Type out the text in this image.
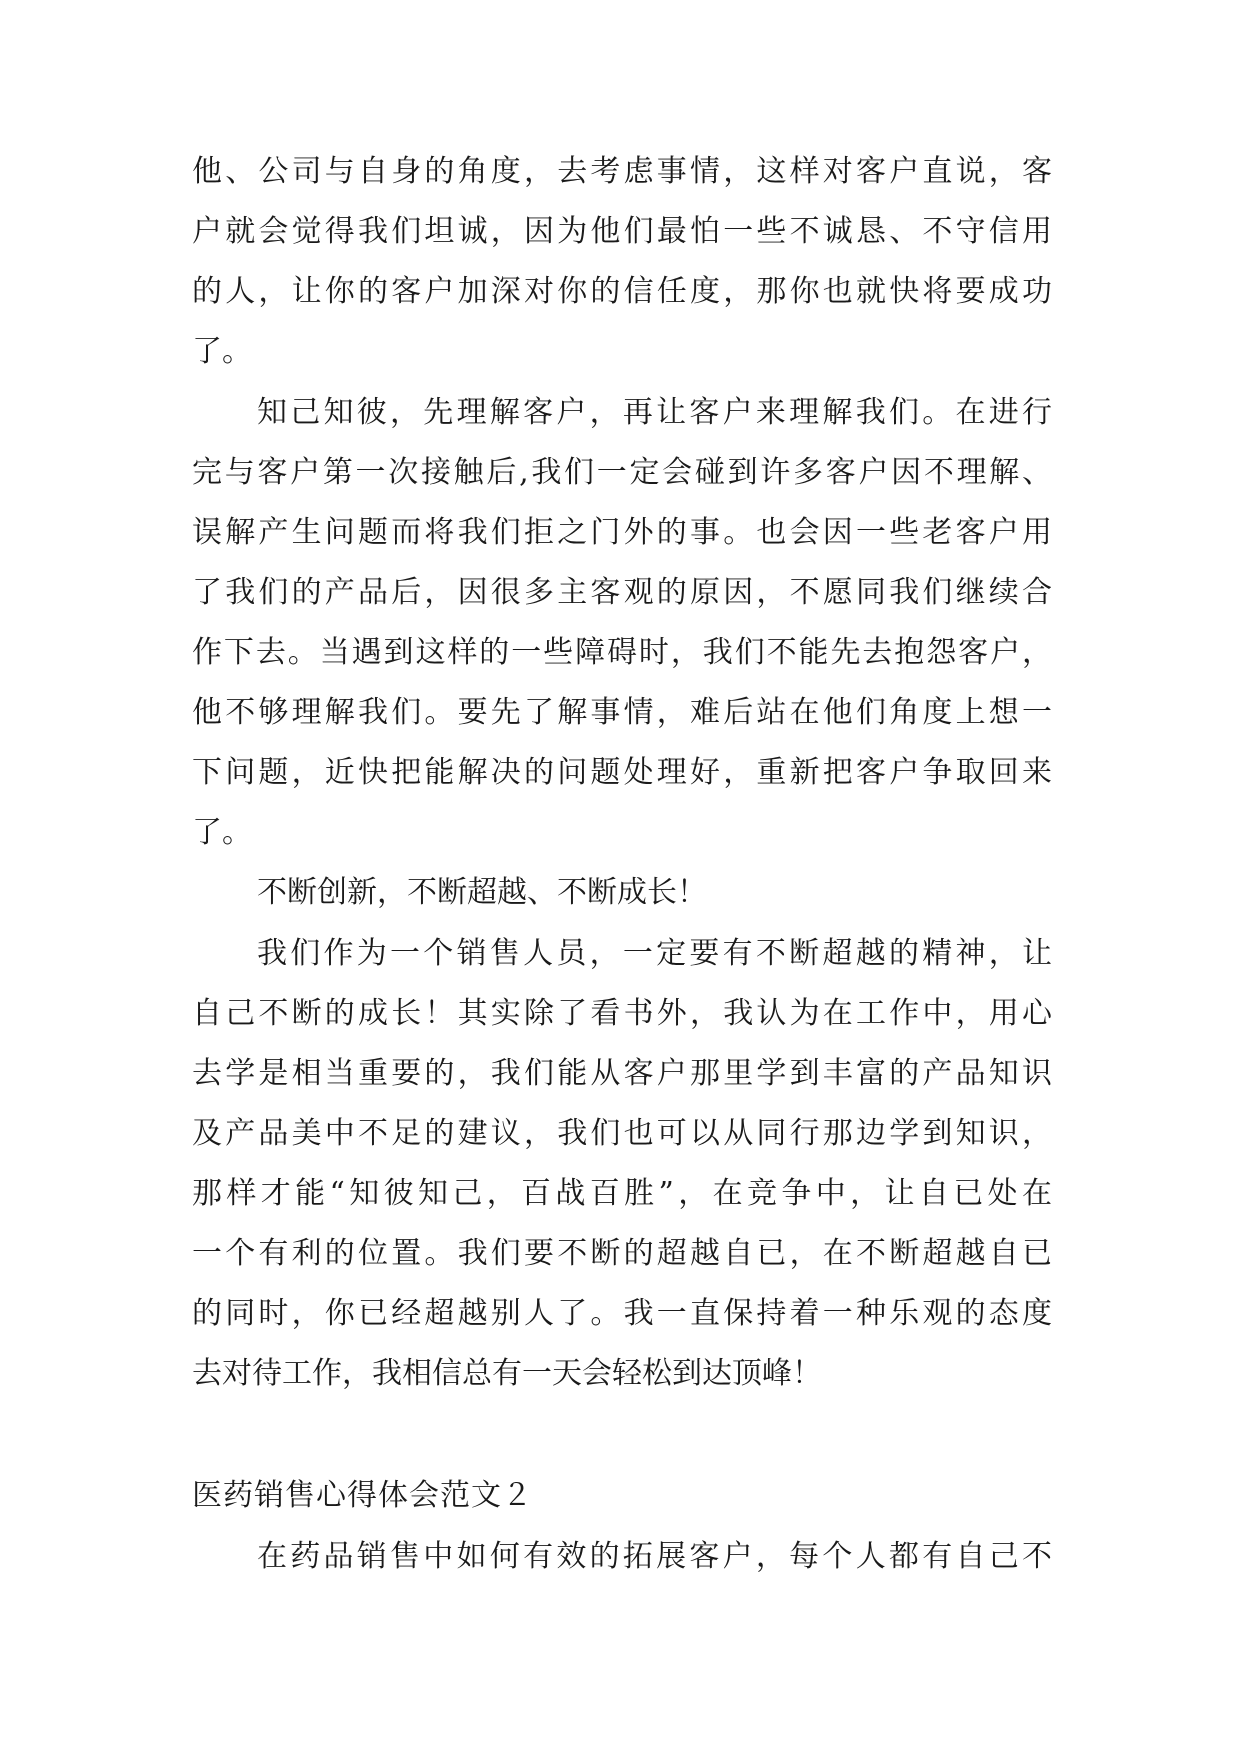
他、公司与自身的角度，去考虑事情，这样对客户直说，客
户就会觉得我们坦诚，因为他们最怕一些不诚恳、不守信用
的人，让你的客户加深对你的信任度，那你也就快将要成功
了。
知己知彼，先理解客户，再让客户来理解我们。在进行
完与客户第一次接触后,我们一定会碰到许多客户因不理解、
误解产生问题而将我们拒之门外的事。也会因一些老客户用
了我们的产品后，因很多主客观的原因，不愿同我们继续合
作下去。当遇到这样的一些障碍时，我们不能先去抱怨客户，
他不够理解我们。要先了解事情，难后站在他们角度上想一
下问题，近快把能解决的问题处理好，重新把客户争取回来
了。
不断创新，不断超越、不断成长！
我们作为一个销售人员，一定要有不断超越的精神，让
自己不断的成长！其实除了看书外，我认为在工作中，用心
去学是相当重要的，我们能从客户那里学到丰富的产品知识
及产品美中不足的建议，我们也可以从同行那边学到知识，
那样才能“知彼知己，百战百胜”，在竞争中，让自已处在
一个有利的位置。我们要不断的超越自已，在不断超越自已
的同时，你已经超越别人了。我一直保持着一种乐观的态度
去对待工作，我相信总有一天会轻松到达顶峰！
医药销售心得体会范文２
在药品销售中如何有效的拓展客户，每个人都有自己不
